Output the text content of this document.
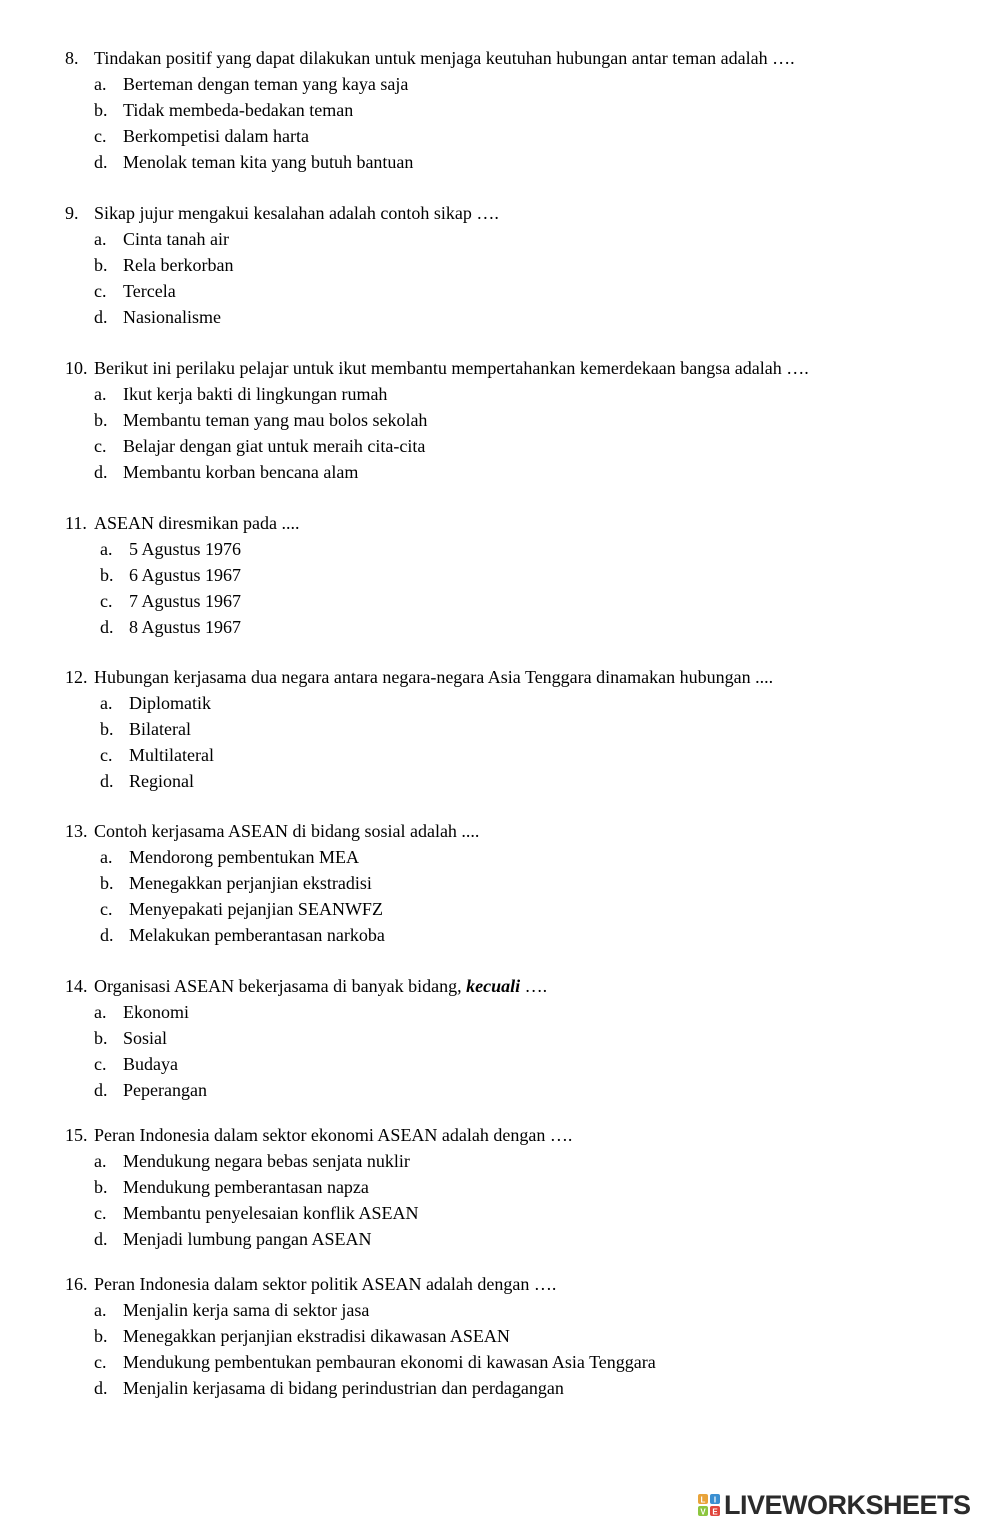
8. Tindakan positif yang dapat dilakukan untuk menjaga keutuhan hubungan antar teman adalah ….
a. Berteman dengan teman yang kaya saja
b. Tidak membeda-bedakan teman
c. Berkompetisi dalam harta
d. Menolak teman kita yang butuh bantuan
9. Sikap jujur mengakui kesalahan adalah contoh sikap ….
a. Cinta tanah air
b. Rela berkorban
c. Tercela
d. Nasionalisme
10. Berikut ini perilaku pelajar untuk ikut membantu mempertahankan kemerdekaan bangsa adalah ….
a. Ikut kerja bakti di lingkungan rumah
b. Membantu teman yang mau bolos sekolah
c. Belajar dengan giat untuk meraih cita-cita
d. Membantu korban bencana alam
11. ASEAN diresmikan pada ....
a. 5 Agustus 1976
b. 6 Agustus 1967
c. 7 Agustus 1967
d. 8 Agustus 1967
12. Hubungan kerjasama dua negara antara negara-negara Asia Tenggara dinamakan hubungan ....
a. Diplomatik
b. Bilateral
c. Multilateral
d. Regional
13. Contoh kerjasama ASEAN di bidang sosial adalah ....
a. Mendorong pembentukan MEA
b. Menegakkan perjanjian ekstradisi
c. Menyepakati pejanjian SEANWFZ
d. Melakukan pemberantasan narkoba
14. Organisasi ASEAN bekerjasama di banyak bidang, kecuali ….
a. Ekonomi
b. Sosial
c. Budaya
d. Peperangan
15. Peran Indonesia dalam sektor ekonomi ASEAN adalah dengan ….
a. Mendukung negara bebas senjata nuklir
b. Mendukung pemberantasan napza
c. Membantu penyelesaian konflik ASEAN
d. Menjadi lumbung pangan ASEAN
16. Peran Indonesia dalam sektor politik ASEAN adalah dengan ….
a. Menjalin kerja sama di sektor jasa
b. Menegakkan perjanjian ekstradisi dikawasan ASEAN
c. Mendukung pembentukan pembauran ekonomi di kawasan Asia Tenggara
d. Menjalin kerjasama di bidang perindustrian dan perdagangan
L I
V E LIVEWORKSHEETS
